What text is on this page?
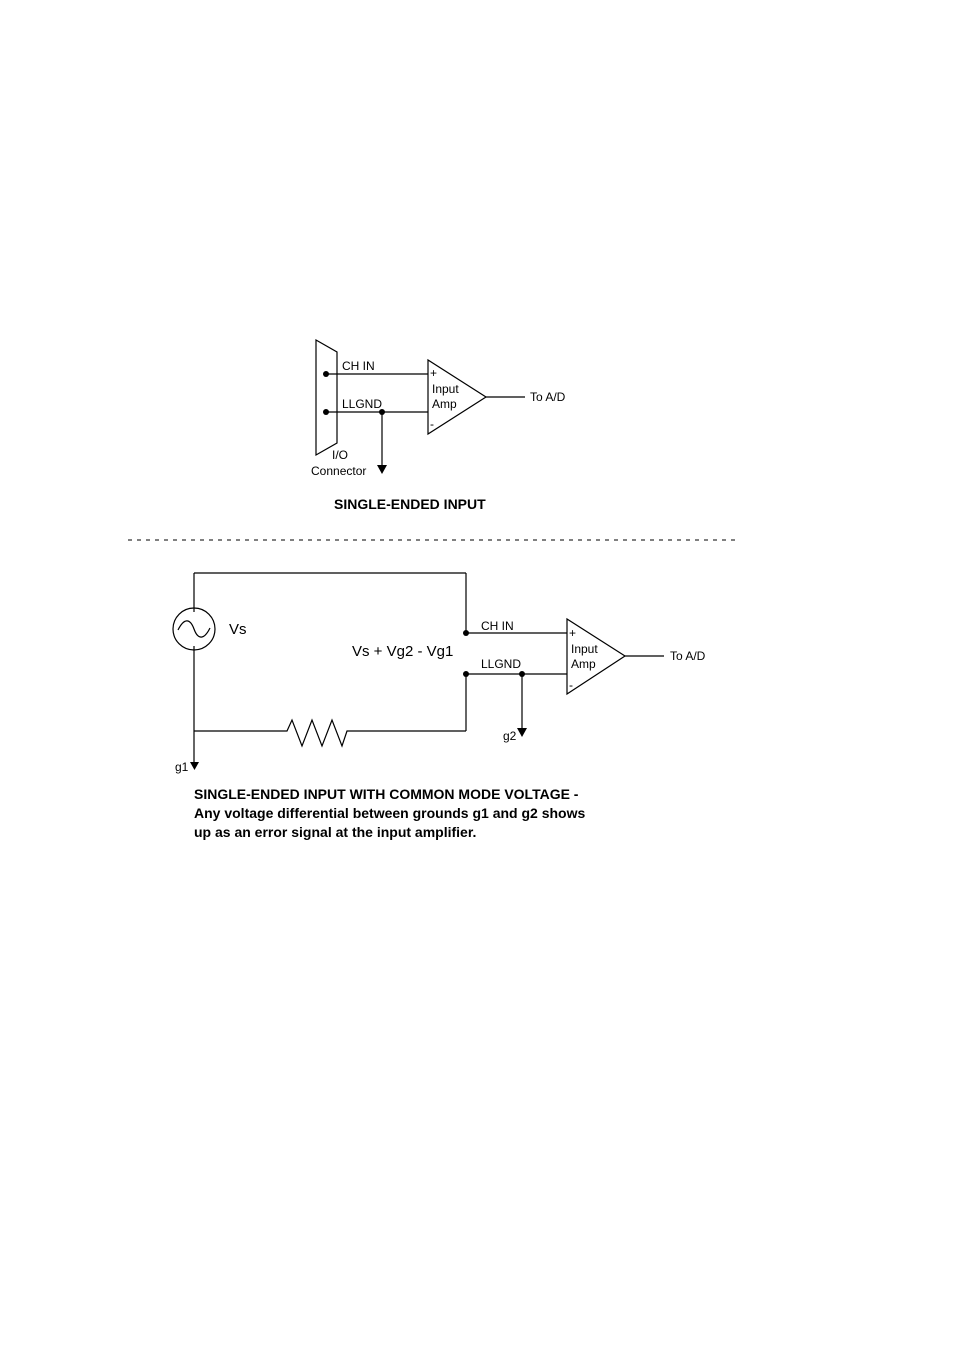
CH IN
LLGND
+
-
Input
Amp	To A/D
I/O
Connector
SINGLE-ENDED INPUT
Vs
Vs + Vg2 - Vg1
CH IN
LLGND
+
-
Input
Amp
To A/D
g1
g2
SINGLE-ENDED INPUT WITH COMMON MODE VOLTAGE -
Any voltage differential between grounds g1 and g2 shows
up as an error signal at the input amplifier.
